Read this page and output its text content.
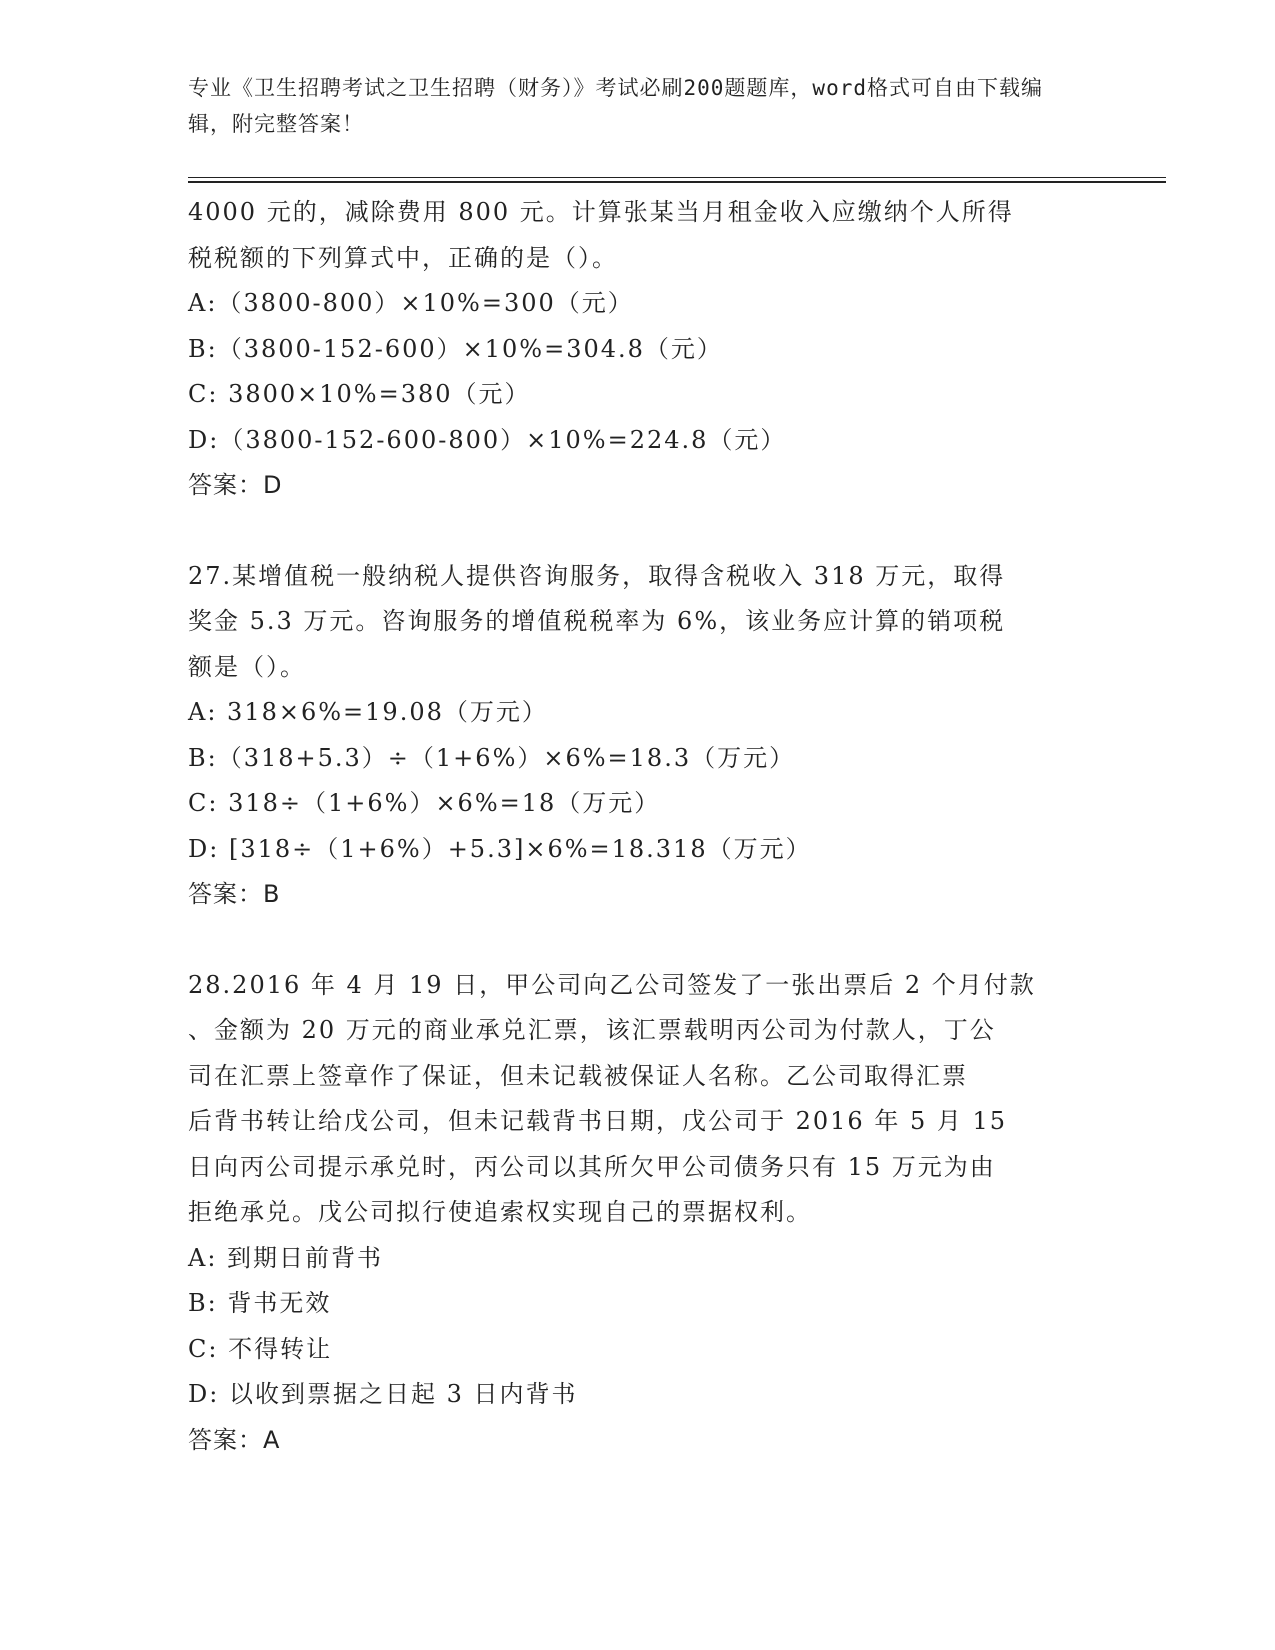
专业《卫生招聘考试之卫生招聘（财务）》考试必刷200题题库，word格式可自由下载编辑，附完整答案！

4000 元的，减除费用 800 元。计算张某当月租金收入应缴纳个人所得

税税额的下列算式中，正确的是（）。

A:（3800-800）×10%=300（元）

B:（3800-152-600）×10%=304.8（元）

C: 3800×10%=380（元）

D:（3800-152-600-800）×10%=224.8（元）

答案：D

27.某增值税一般纳税人提供咨询服务，取得含税收入 318 万元，取得

奖金 5.3 万元。咨询服务的增值税税率为 6%，该业务应计算的销项税

额是（）。

A: 318×6%=19.08（万元）

B:（318+5.3）÷（1+6%）×6%=18.3（万元）

C: 318÷（1+6%）×6%=18（万元）

D: [318÷（1+6%）+5.3]×6%=18.318（万元）

答案：B

28.2016 年 4 月 19 日，甲公司向乙公司签发了一张出票后 2 个月付款

、金额为 20 万元的商业承兑汇票，该汇票载明丙公司为付款人，丁公

司在汇票上签章作了保证，但未记载被保证人名称。乙公司取得汇票

后背书转让给戊公司，但未记载背书日期，戊公司于 2016 年 5 月 15

日向丙公司提示承兑时，丙公司以其所欠甲公司债务只有 15 万元为由

拒绝承兑。戊公司拟行使追索权实现自己的票据权利。

A: 到期日前背书

B: 背书无效

C: 不得转让

D: 以收到票据之日起 3 日内背书

答案：A
